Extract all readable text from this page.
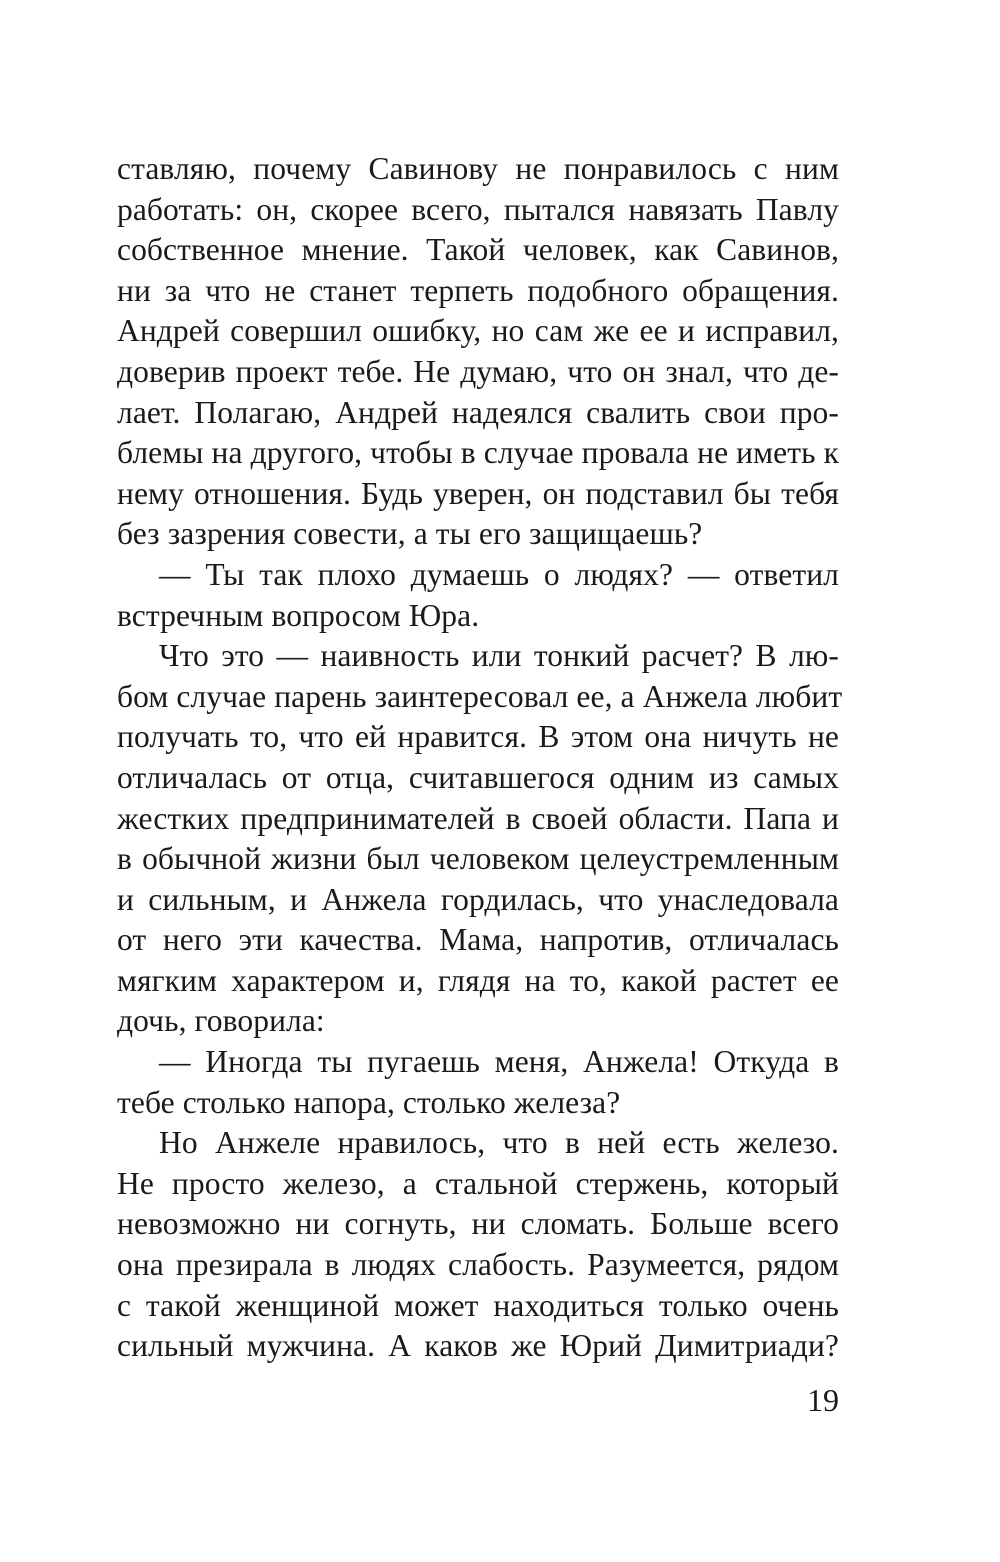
ставляю, почему Савинову не понравилось с ним
работать: он, скорее всего, пытался навязать Павлу
собственное мнение. Такой человек, как Савинов,
ни за что не станет терпеть подобного обращения.
Андрей совершил ошибку, но сам же ее и исправил,
доверив проект тебе. Не думаю, что он знал, что де-
лает. Полагаю, Андрей надеялся свалить свои про-
блемы на другого, чтобы в случае провала не иметь к
нему отношения. Будь уверен, он подставил бы тебя
без зазрения совести, а ты его защищаешь?
— Ты так плохо думаешь о людях? — ответил
встречным вопросом Юра.
Что это — наивность или тонкий расчет? В лю-
бом случае парень заинтересовал ее, а Анжела любит
получать то, что ей нравится. В этом она ничуть не
отличалась от отца, считавшегося одним из самых
жестких предпринимателей в своей области. Папа и
в обычной жизни был человеком целеустремленным
и сильным, и Анжела гордилась, что унаследовала
от него эти качества. Мама, напротив, отличалась
мягким характером и, глядя на то, какой растет ее
дочь, говорила:
— Иногда ты пугаешь меня, Анжела! Откуда в
тебе столько напора, столько железа?
Но Анжеле нравилось, что в ней есть железо.
Не просто железо, а стальной стержень, который
невозможно ни согнуть, ни сломать. Больше всего
она презирала в людях слабость. Разумеется, рядом
с такой женщиной может находиться только очень
сильный мужчина. А каков же Юрий Димитриади?
19
